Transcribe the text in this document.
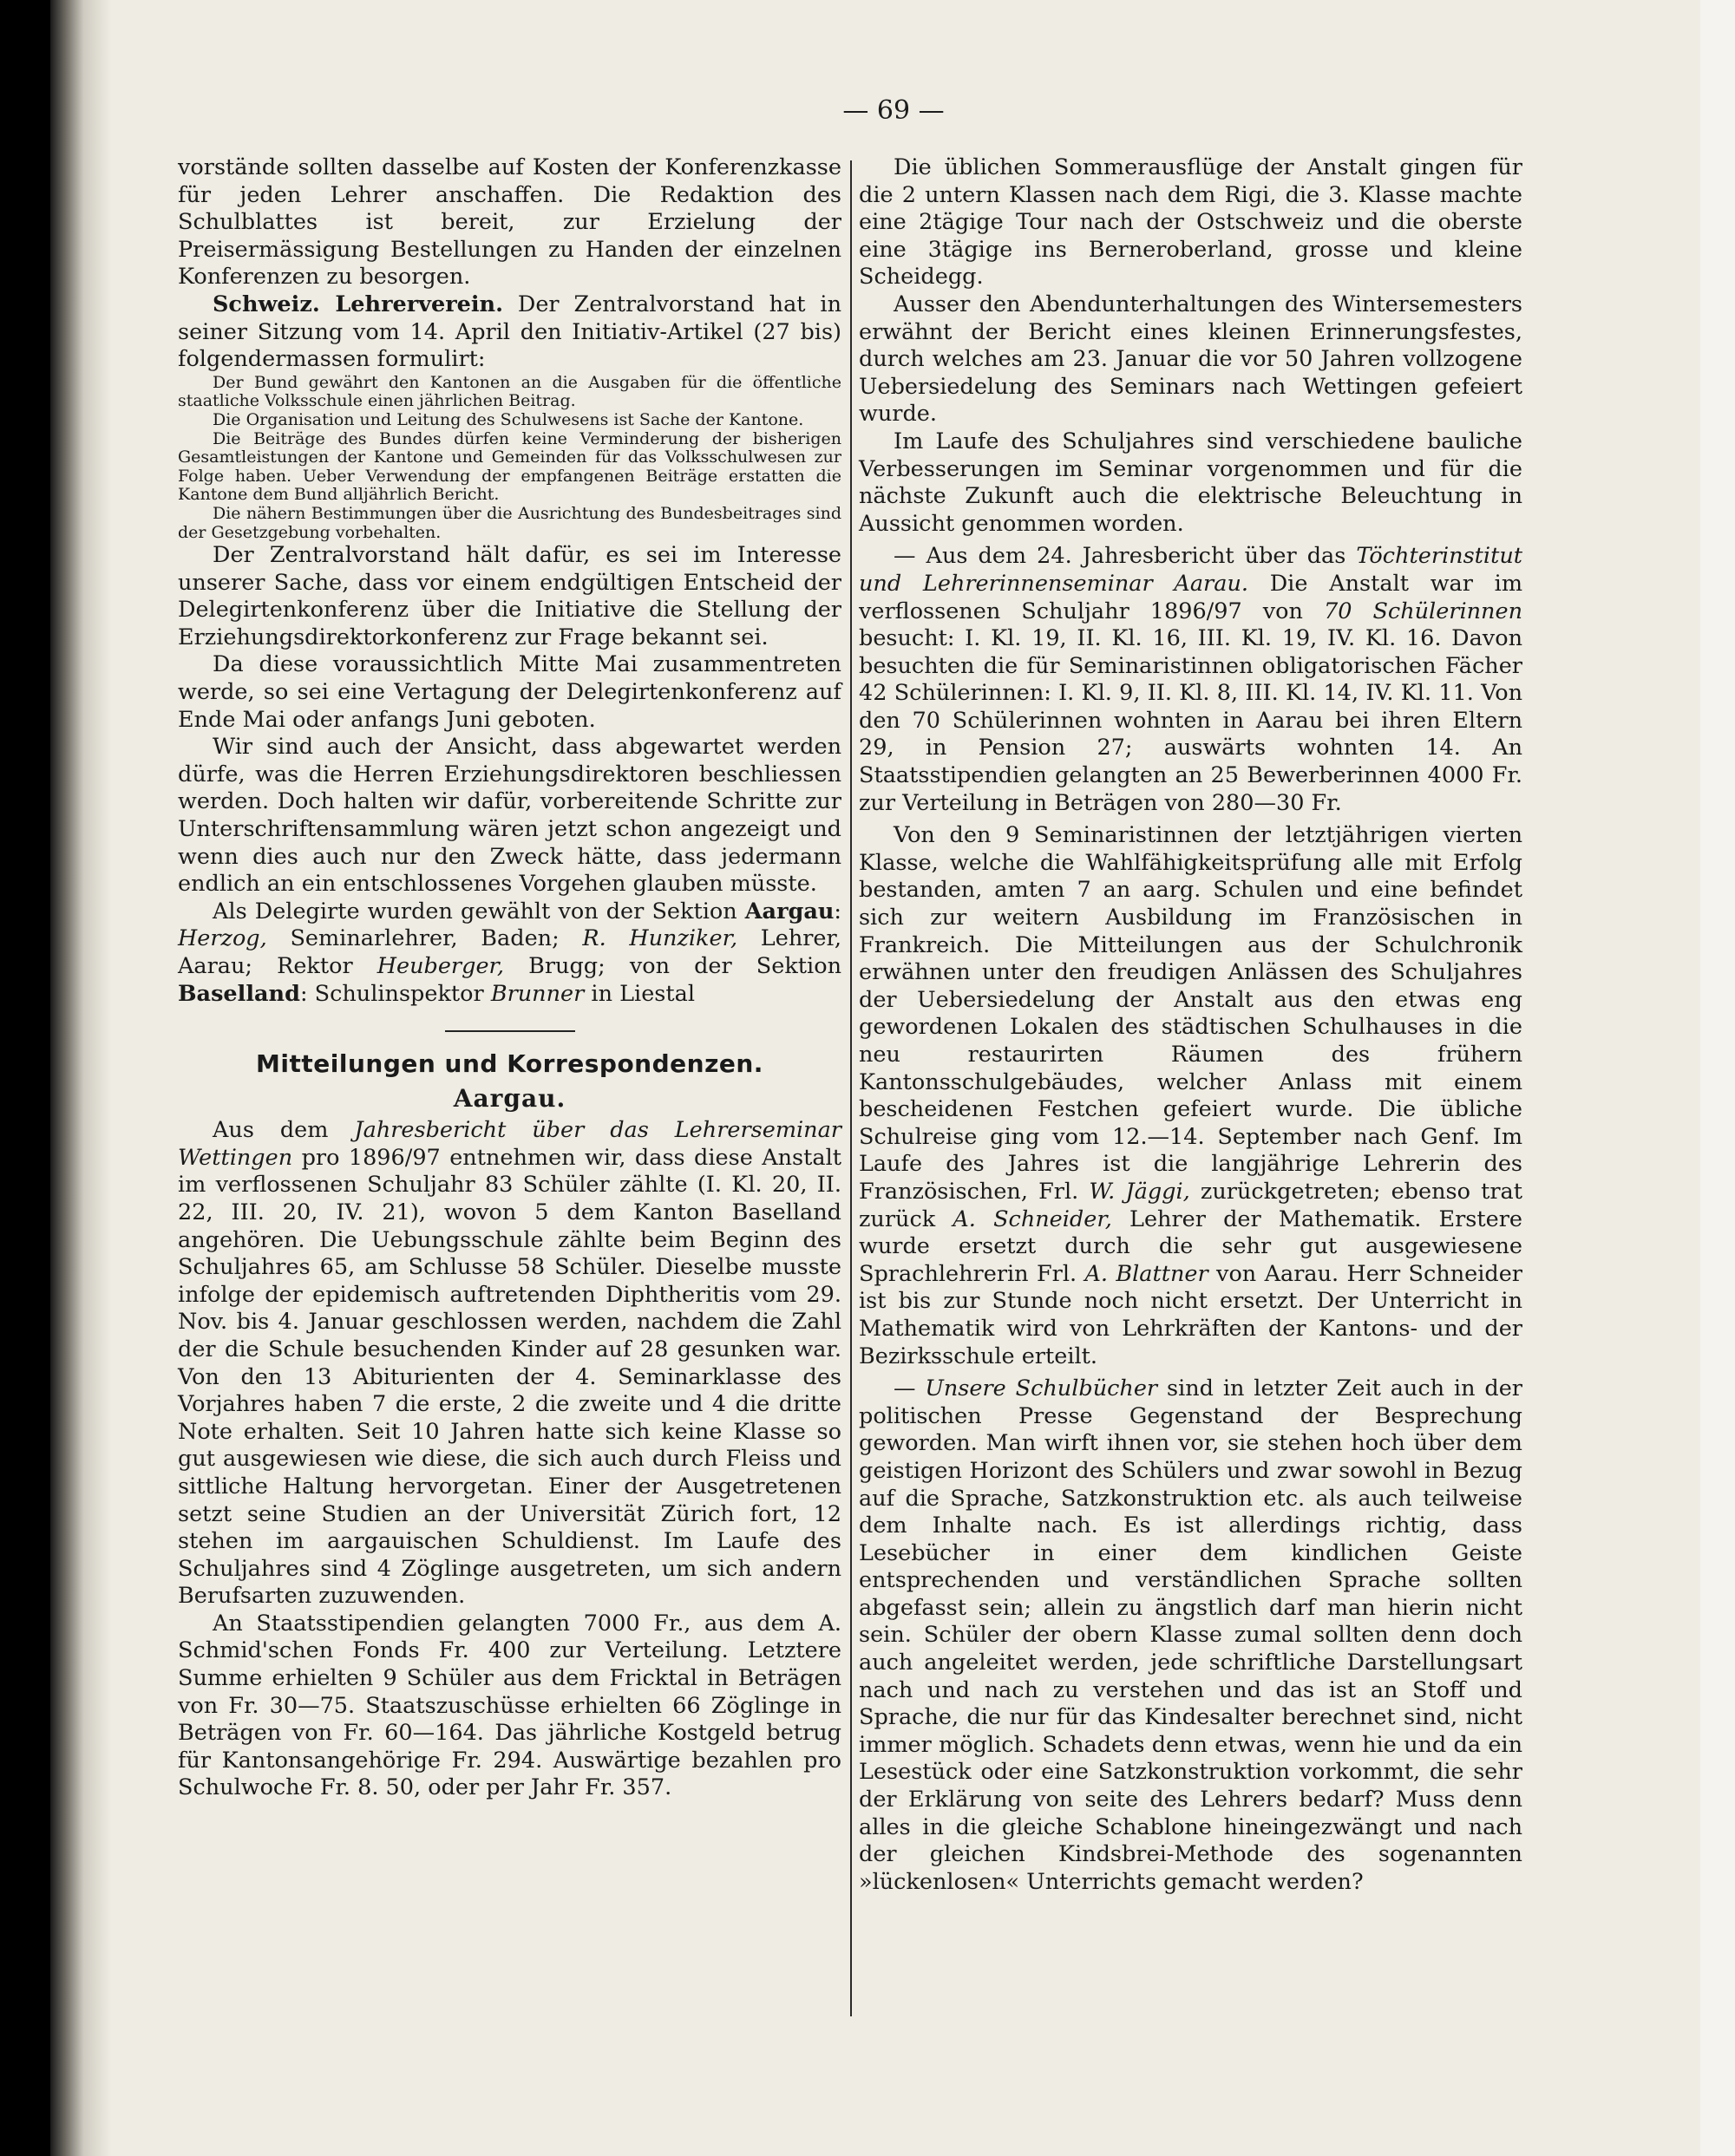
— 69 —

vorstände sollten dasselbe auf Kosten der Konferenzkasse für jeden Lehrer anschaffen. Die Redaktion des Schulblattes ist bereit, zur Erzielung der Preisermässigung Bestellungen zu Handen der einzelnen Konferenzen zu besorgen.

Schweiz. Lehrerverein. Der Zentralvorstand hat in seiner Sitzung vom 14. April den Initiativ-Artikel (27 bis) folgendermassen formulirt:

Der Bund gewährt den Kantonen an die Ausgaben für die öffentliche staatliche Volksschule einen jährlichen Beitrag.

Die Organisation und Leitung des Schulwesens ist Sache der Kantone.

Die Beiträge des Bundes dürfen keine Verminderung der bisherigen Gesamtleistungen der Kantone und Gemeinden für das Volksschulwesen zur Folge haben. Ueber Verwendung der empfangenen Beiträge erstatten die Kantone dem Bund alljährlich Bericht.

Die nähern Bestimmungen über die Ausrichtung des Bundesbeitrages sind der Gesetzgebung vorbehalten.

Der Zentralvorstand hält dafür, es sei im Interesse unserer Sache, dass vor einem endgültigen Entscheid der Delegirtenkonferenz über die Initiative die Stellung der Erziehungsdirektorkonferenz zur Frage bekannt sei.

Da diese voraussichtlich Mitte Mai zusammentreten werde, so sei eine Vertagung der Delegirtenkonferenz auf Ende Mai oder anfangs Juni geboten.

Wir sind auch der Ansicht, dass abgewartet werden dürfe, was die Herren Erziehungsdirektoren beschliessen werden. Doch halten wir dafür, vorbereitende Schritte zur Unterschriftensammlung wären jetzt schon angezeigt und wenn dies auch nur den Zweck hätte, dass jedermann endlich an ein entschlossenes Vorgehen glauben müsste.

Als Delegirte wurden gewählt von der Sektion Aargau: Herzog, Seminarlehrer, Baden; R. Hunziker, Lehrer, Aarau; Rektor Heuberger, Brugg; von der Sektion Baselland: Schulinspektor Brunner in Liestal

Mitteilungen und Korrespondenzen.
Aargau.

Aus dem Jahresbericht über das Lehrerseminar Wettingen pro 1896/97 entnehmen wir, dass diese Anstalt im verflossenen Schuljahr 83 Schüler zählte (I. Kl. 20, II. 22, III. 20, IV. 21), wovon 5 dem Kanton Baselland angehören. Die Uebungsschule zählte beim Beginn des Schuljahres 65, am Schlusse 58 Schüler. Dieselbe musste infolge der epidemisch auftretenden Diphtheritis vom 29. Nov. bis 4. Januar geschlossen werden, nachdem die Zahl der die Schule besuchenden Kinder auf 28 gesunken war. Von den 13 Abiturienten der 4. Seminarklasse des Vorjahres haben 7 die erste, 2 die zweite und 4 die dritte Note erhalten. Seit 10 Jahren hatte sich keine Klasse so gut ausgewiesen wie diese, die sich auch durch Fleiss und sittliche Haltung hervorgetan. Einer der Ausgetretenen setzt seine Studien an der Universität Zürich fort, 12 stehen im aargauischen Schuldienst. Im Laufe des Schuljahres sind 4 Zöglinge ausgetreten, um sich andern Berufsarten zuzuwenden.

An Staatsstipendien gelangten 7000 Fr., aus dem A. Schmid'schen Fonds Fr. 400 zur Verteilung. Letztere Summe erhielten 9 Schüler aus dem Fricktal in Beträgen von Fr. 30—75. Staatszuschüsse erhielten 66 Zöglinge in Beträgen von Fr. 60—164. Das jährliche Kostgeld betrug für Kantonsangehörige Fr. 294. Auswärtige bezahlen pro Schulwoche Fr. 8. 50, oder per Jahr Fr. 357.

Die üblichen Sommerausflüge der Anstalt gingen für die 2 untern Klassen nach dem Rigi, die 3. Klasse machte eine 2tägige Tour nach der Ostschweiz und die oberste eine 3tägige ins Berneroberland, grosse und kleine Scheidegg.

Ausser den Abendunterhaltungen des Wintersemesters erwähnt der Bericht eines kleinen Erinnerungsfestes, durch welches am 23. Januar die vor 50 Jahren vollzogene Uebersiedelung des Seminars nach Wettingen gefeiert wurde.

Im Laufe des Schuljahres sind verschiedene bauliche Verbesserungen im Seminar vorgenommen und für die nächste Zukunft auch die elektrische Beleuchtung in Aussicht genommen worden.

— Aus dem 24. Jahresbericht über das Töchterinstitut und Lehrerinnenseminar Aarau. Die Anstalt war im verflossenen Schuljahr 1896/97 von 70 Schülerinnen besucht: I. Kl. 19, II. Kl. 16, III. Kl. 19, IV. Kl. 16. Davon besuchten die für Seminaristinnen obligatorischen Fächer 42 Schülerinnen: I. Kl. 9, II. Kl. 8, III. Kl. 14, IV. Kl. 11. Von den 70 Schülerinnen wohnten in Aarau bei ihren Eltern 29, in Pension 27; auswärts wohnten 14. An Staatsstipendien gelangten an 25 Bewerberinnen 4000 Fr. zur Verteilung in Beträgen von 280—30 Fr.

Von den 9 Seminaristinnen der letztjährigen vierten Klasse, welche die Wahlfähigkeitsprüfung alle mit Erfolg bestanden, amten 7 an aarg. Schulen und eine befindet sich zur weitern Ausbildung im Französischen in Frankreich. Die Mitteilungen aus der Schulchronik erwähnen unter den freudigen Anlässen des Schuljahres der Uebersiedelung der Anstalt aus den etwas eng gewordenen Lokalen des städtischen Schulhauses in die neu restaurirten Räumen des frühern Kantonsschulgebäudes, welcher Anlass mit einem bescheidenen Festchen gefeiert wurde. Die übliche Schulreise ging vom 12.—14. September nach Genf. Im Laufe des Jahres ist die langjährige Lehrerin des Französischen, Frl. W. Jäggi, zurückgetreten; ebenso trat zurück A. Schneider, Lehrer der Mathematik. Erstere wurde ersetzt durch die sehr gut ausgewiesene Sprachlehrerin Frl. A. Blattner von Aarau. Herr Schneider ist bis zur Stunde noch nicht ersetzt. Der Unterricht in Mathematik wird von Lehrkräften der Kantons- und der Bezirksschule erteilt.

— Unsere Schulbücher sind in letzter Zeit auch in der politischen Presse Gegenstand der Besprechung geworden. Man wirft ihnen vor, sie stehen hoch über dem geistigen Horizont des Schülers und zwar sowohl in Bezug auf die Sprache, Satzkonstruktion etc. als auch teilweise dem Inhalte nach. Es ist allerdings richtig, dass Lesebücher in einer dem kindlichen Geiste entsprechenden und verständlichen Sprache sollten abgefasst sein; allein zu ängstlich darf man hierin nicht sein. Schüler der obern Klasse zumal sollten denn doch auch angeleitet werden, jede schriftliche Darstellungsart nach und nach zu verstehen und das ist an Stoff und Sprache, die nur für das Kindesalter berechnet sind, nicht immer möglich. Schadets denn etwas, wenn hie und da ein Lesestück oder eine Satzkonstruktion vorkommt, die sehr der Erklärung von seite des Lehrers bedarf? Muss denn alles in die gleiche Schablone hineingezwängt und nach der gleichen Kindsbrei-Methode des sogenannten »lückenlosen« Unterrichts gemacht werden?
